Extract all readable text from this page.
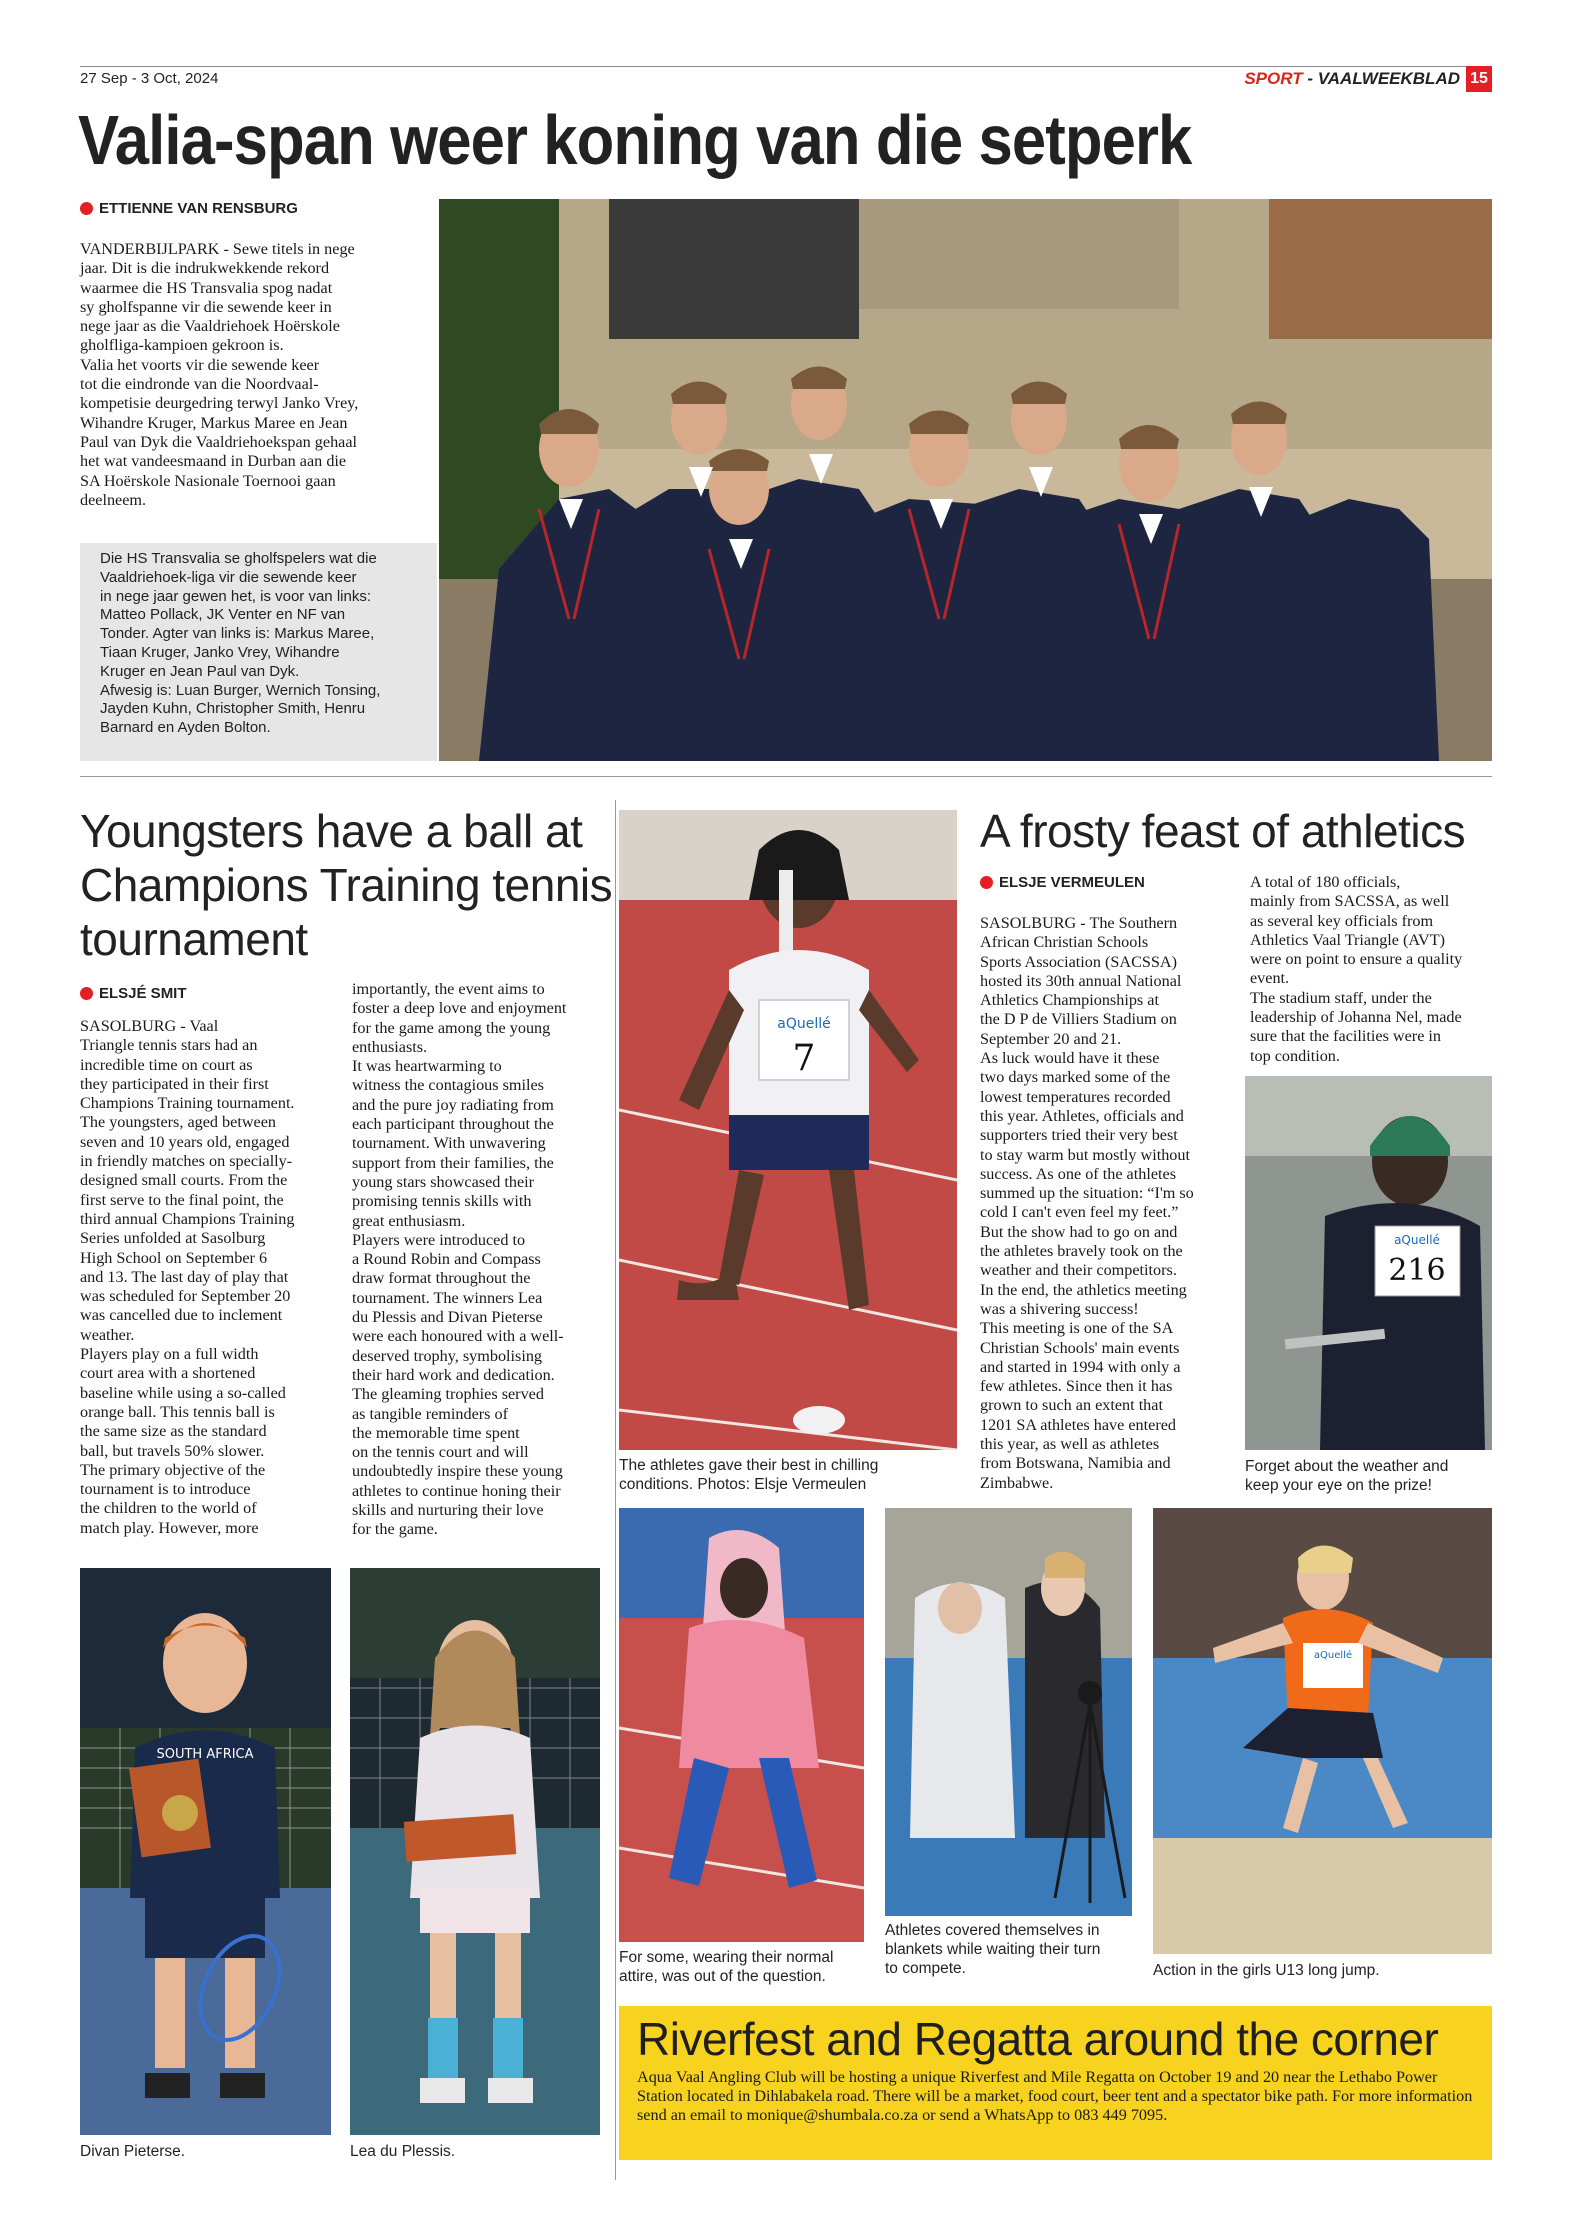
27 Sep - 3 Oct, 2024	SPORT - VAALWEEKBLAD 15
Valia-span weer koning van die setperk
ETTIENNE VAN RENSBURG
VANDERBIJLPARK - Sewe titels in nege
jaar. Dit is die indrukwekkende rekord
waarmee die HS Transvalia spog nadat
sy gholfspanne vir die sewende keer in
nege jaar as die Vaaldriehoek Hoërskole
gholfliga-kampioen gekroon is.
Valia het voorts vir die sewende keer
tot die eindronde van die Noordvaal-
kompetisie deurgedring terwyl Janko Vrey,
Wihandre Kruger, Markus Maree en Jean
Paul van Dyk die Vaaldriehoekspan gehaal
het wat vandeesmaand in Durban aan die
SA Hoërskole Nasionale Toernooi gaan
deelneem.
Die HS Transvalia se gholfspelers wat die
Vaaldriehoek-liga vir die sewende keer
in nege jaar gewen het, is voor van links:
Matteo Pollack, JK Venter en NF van
Tonder. Agter van links is: Markus Maree,
Tiaan Kruger, Janko Vrey, Wihandre
Kruger en Jean Paul van Dyk.
Afwesig is: Luan Burger, Wernich Tonsing,
Jayden Kuhn, Christopher Smith, Henru
Barnard en Ayden Bolton.
Youngsters have a ball at
Champions Training tennis
tournament
ELSJÉ SMIT
SASOLBURG - Vaal
Triangle tennis stars had an
incredible time on court as
they participated in their first
Champions Training tournament.
The youngsters, aged between
seven and 10 years old, engaged
in friendly matches on specially-
designed small courts. From the
first serve to the final point, the
third annual Champions Training
Series unfolded at Sasolburg
High School on September 6
and 13. The last day of play that
was scheduled for September 20
was cancelled due to inclement
weather.
Players play on a full width
court area with a shortened
baseline while using a so-called
orange ball. This tennis ball is
the same size as the standard
ball, but travels 50% slower.
The primary objective of the
tournament is to introduce
the children to the world of
match play. However, more
importantly, the event aims to
foster a deep love and enjoyment
for the game among the young
enthusiasts.
It was heartwarming to
witness the contagious smiles
and the pure joy radiating from
each participant throughout the
tournament. With unwavering
support from their families, the
young stars showcased their
promising tennis skills with
great enthusiasm.
Players were introduced to
a Round Robin and Compass
draw format throughout the
tournament. The winners Lea
du Plessis and Divan Pieterse
were each honoured with a well-
deserved trophy, symbolising
their hard work and dedication.
The gleaming trophies served
as tangible reminders of
the memorable time spent
on the tennis court and will
undoubtedly inspire these young
athletes to continue honing their
skills and nurturing their love
for the game.
SOUTH AFRICA
Divan Pieterse.	Lea du Plessis.
A frosty feast of athletics
ELSJE VERMEULEN
SASOLBURG - The Southern
African Christian Schools
Sports Association (SACSSA)
hosted its 30th annual National
Athletics Championships at
the D P de Villiers Stadium on
September 20 and 21.
As luck would have it these
two days marked some of the
lowest temperatures recorded
this year. Athletes, officials and
supporters tried their very best
to stay warm but mostly without
success. As one of the athletes
summed up the situation: “I'm so
cold I can't even feel my feet.”
But the show had to go on and
the athletes bravely took on the
weather and their competitors.
In the end, the athletics meeting
was a shivering success!
This meeting is one of the SA
Christian Schools' main events
and started in 1994 with only a
few athletes. Since then it has
grown to such an extent that
1201 SA athletes have entered
this year, as well as athletes
from Botswana, Namibia and
Zimbabwe.
A total of 180 officials,
mainly from SACSSA, as well
as several key officials from
Athletics Vaal Triangle (AVT)
were on point to ensure a quality
event.
The stadium staff, under the
leadership of Johanna Nel, made
sure that the facilities were in
top condition.
aQuellé
7
The athletes gave their best in chilling
conditions. Photos: Elsje Vermeulen
aQuellé
216
Forget about the weather and
keep your eye on the prize!
For some, wearing their normal
attire, was out of the question.
Athletes covered themselves in
blankets while waiting their turn
to compete.
aQuellé
Action in the girls U13 long jump.
Riverfest and Regatta around the corner
Aqua Vaal Angling Club will be hosting a unique Riverfest and Mile Regatta on October 19 and 20 near the Lethabo Power Station located in Dihlabakela road. There will be a market, food court, beer tent and a spectator bike path. For more information send an email to monique@shumbala.co.za or send a WhatsApp to 083 449 7095.
